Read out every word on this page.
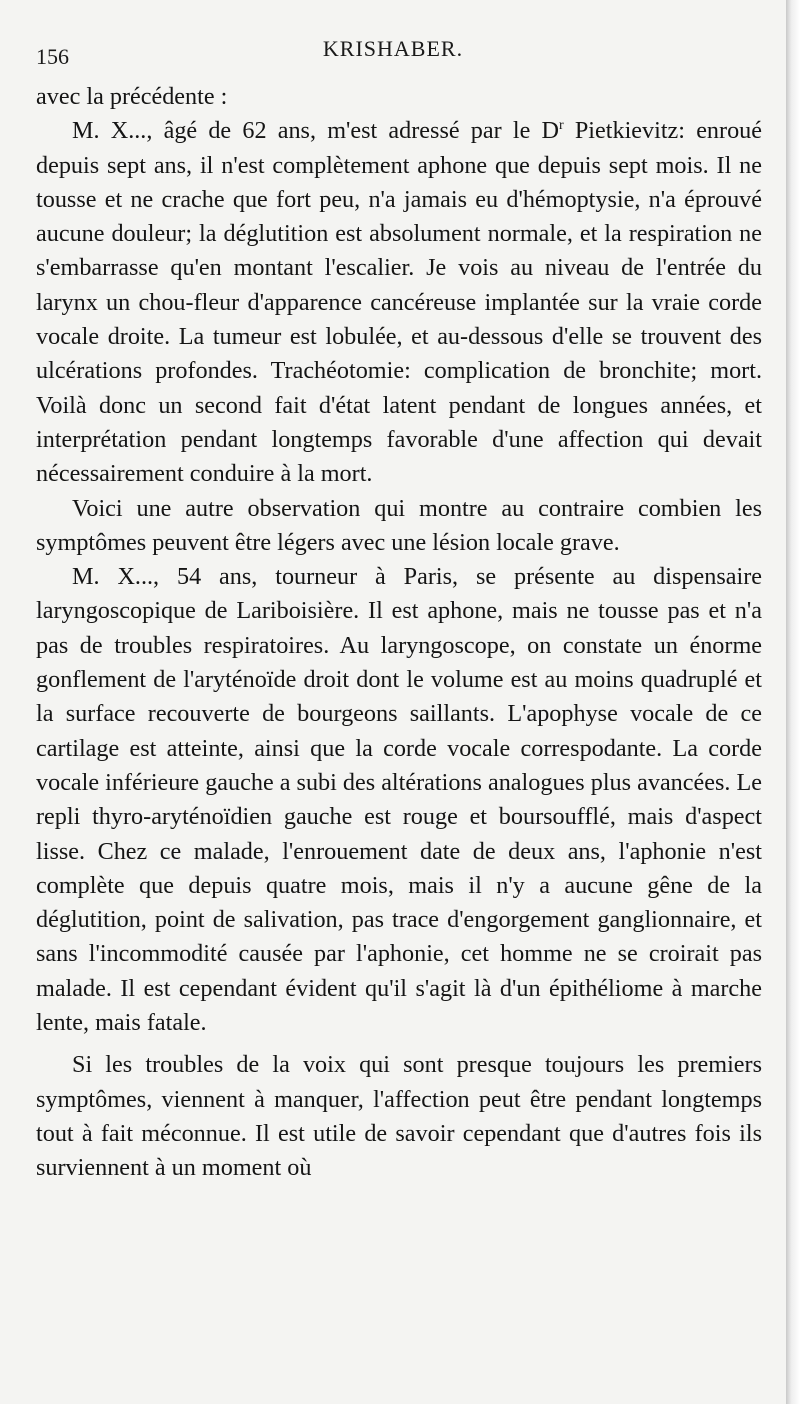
156	KRISHABER.

avec la précédente :

M. X..., âgé de 62 ans, m'est adressé par le $D^r$ Pietkievitz: enroué depuis sept ans, il n'est complètement aphone que depuis sept mois. Il ne tousse et ne crache que fort peu, n'a jamais eu d'hémoptysie, n'a éprouvé aucune douleur; la déglutition est absolument normale, et la respiration ne s'embarrasse qu'en montant l'escalier. Je vois au niveau de l'entrée du larynx un chou-fleur d'apparence cancéreuse implantée sur la vraie corde vocale droite. La tumeur est lobulée, et au-dessous d'elle se trouvent des ulcérations profondes. Trachéotomie: complication de bronchite; mort. Voilà donc un second fait d'état latent pendant de longues années, et interprétation pendant longtemps favorable d'une affection qui devait nécessairement conduire à la mort.

Voici une autre observation qui montre au contraire combien les symptômes peuvent être légers avec une lésion locale grave.

M. X..., 54 ans, tourneur à Paris, se présente au dispensaire laryngoscopique de Lariboisière. Il est aphone, mais ne tousse pas et n'a pas de troubles respiratoires. Au laryngoscope, on constate un énorme gonflement de l'aryténoïde droit dont le volume est au moins quadruplé et la surface recouverte de bourgeons saillants. L'apophyse vocale de ce cartilage est atteinte, ainsi que la corde vocale correspodante. La corde vocale inférieure gauche a subi des altérations analogues plus avancées. Le repli thyro-aryténoïdien gauche est rouge et boursoufflé, mais d'aspect lisse. Chez ce malade, l'enrouement date de deux ans, l'aphonie n'est complète que depuis quatre mois, mais il n'y a aucune gêne de la déglutition, point de salivation, pas trace d'engorgement ganglionnaire, et sans l'incommodité causée par l'aphonie, cet homme ne se croirait pas malade. Il est cependant évident qu'il s'agit là d'un épithéliome à marche lente, mais fatale.

Si les troubles de la voix qui sont presque toujours les premiers symptômes, viennent à manquer, l'affection peut être pendant longtemps tout à fait méconnue. Il est utile de savoir cependant que d'autres fois ils surviennent à un moment où
